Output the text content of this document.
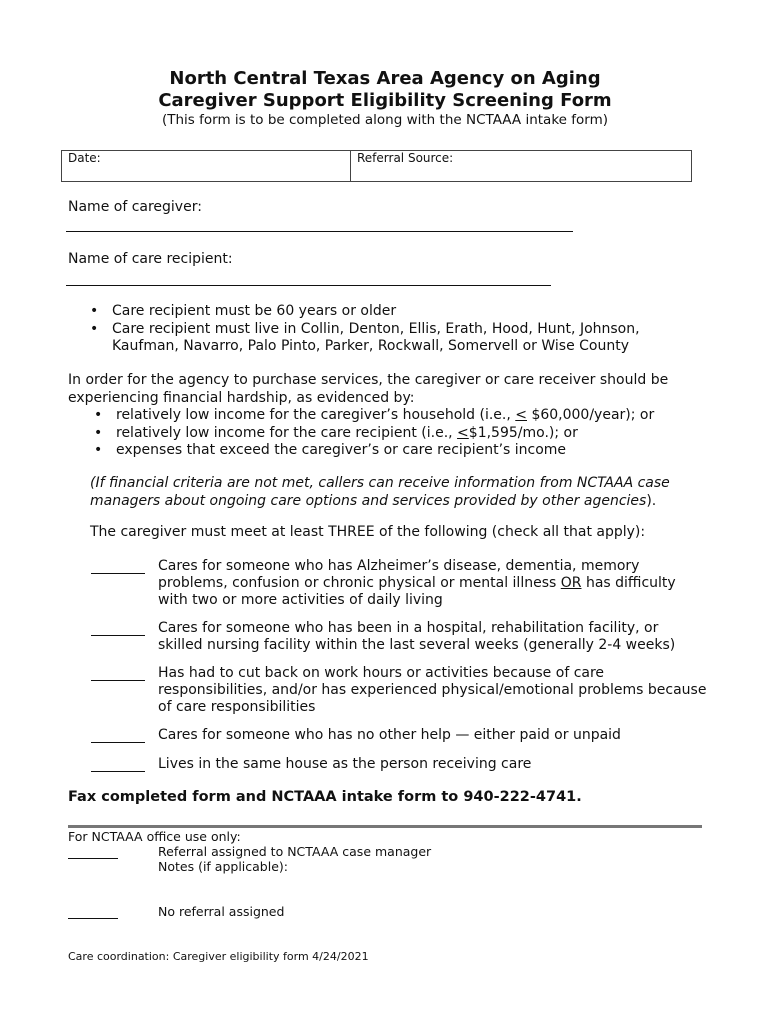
North Central Texas Area Agency on Aging
Caregiver Support Eligibility Screening Form
(This form is to be completed along with the NCTAAA intake form)
Date:	Referral Source:
Name of caregiver:
Name of care recipient:
• Care recipient must be 60 years or older
• Care recipient must live in Collin, Denton, Ellis, Erath, Hood, Hunt, Johnson,
Kaufman, Navarro, Palo Pinto, Parker, Rockwall, Somervell or Wise County
In order for the agency to purchase services, the caregiver or care receiver should be
experiencing financial hardship, as evidenced by:
• relatively low income for the caregiver’s household (i.e., < $60,000/year); or
• relatively low income for the care recipient (i.e., <$1,595/mo.); or
• expenses that exceed the caregiver’s or care recipient’s income
(If financial criteria are not met, callers can receive information from NCTAAA case
managers about ongoing care options and services provided by other agencies).
The caregiver must meet at least THREE of the following (check all that apply):
Cares for someone who has Alzheimer’s disease, dementia, memory
problems, confusion or chronic physical or mental illness OR has difficulty
with two or more activities of daily living
Cares for someone who has been in a hospital, rehabilitation facility, or
skilled nursing facility within the last several weeks (generally 2-4 weeks)
Has had to cut back on work hours or activities because of care
responsibilities, and/or has experienced physical/emotional problems because
of care responsibilities
Cares for someone who has no other help — either paid or unpaid
Lives in the same house as the person receiving care
Fax completed form and NCTAAA intake form to 940-222-4741.
For NCTAAA office use only:
Referral assigned to NCTAAA case manager
Notes (if applicable):
No referral assigned
Care coordination: Caregiver eligibility form 4/24/2021
